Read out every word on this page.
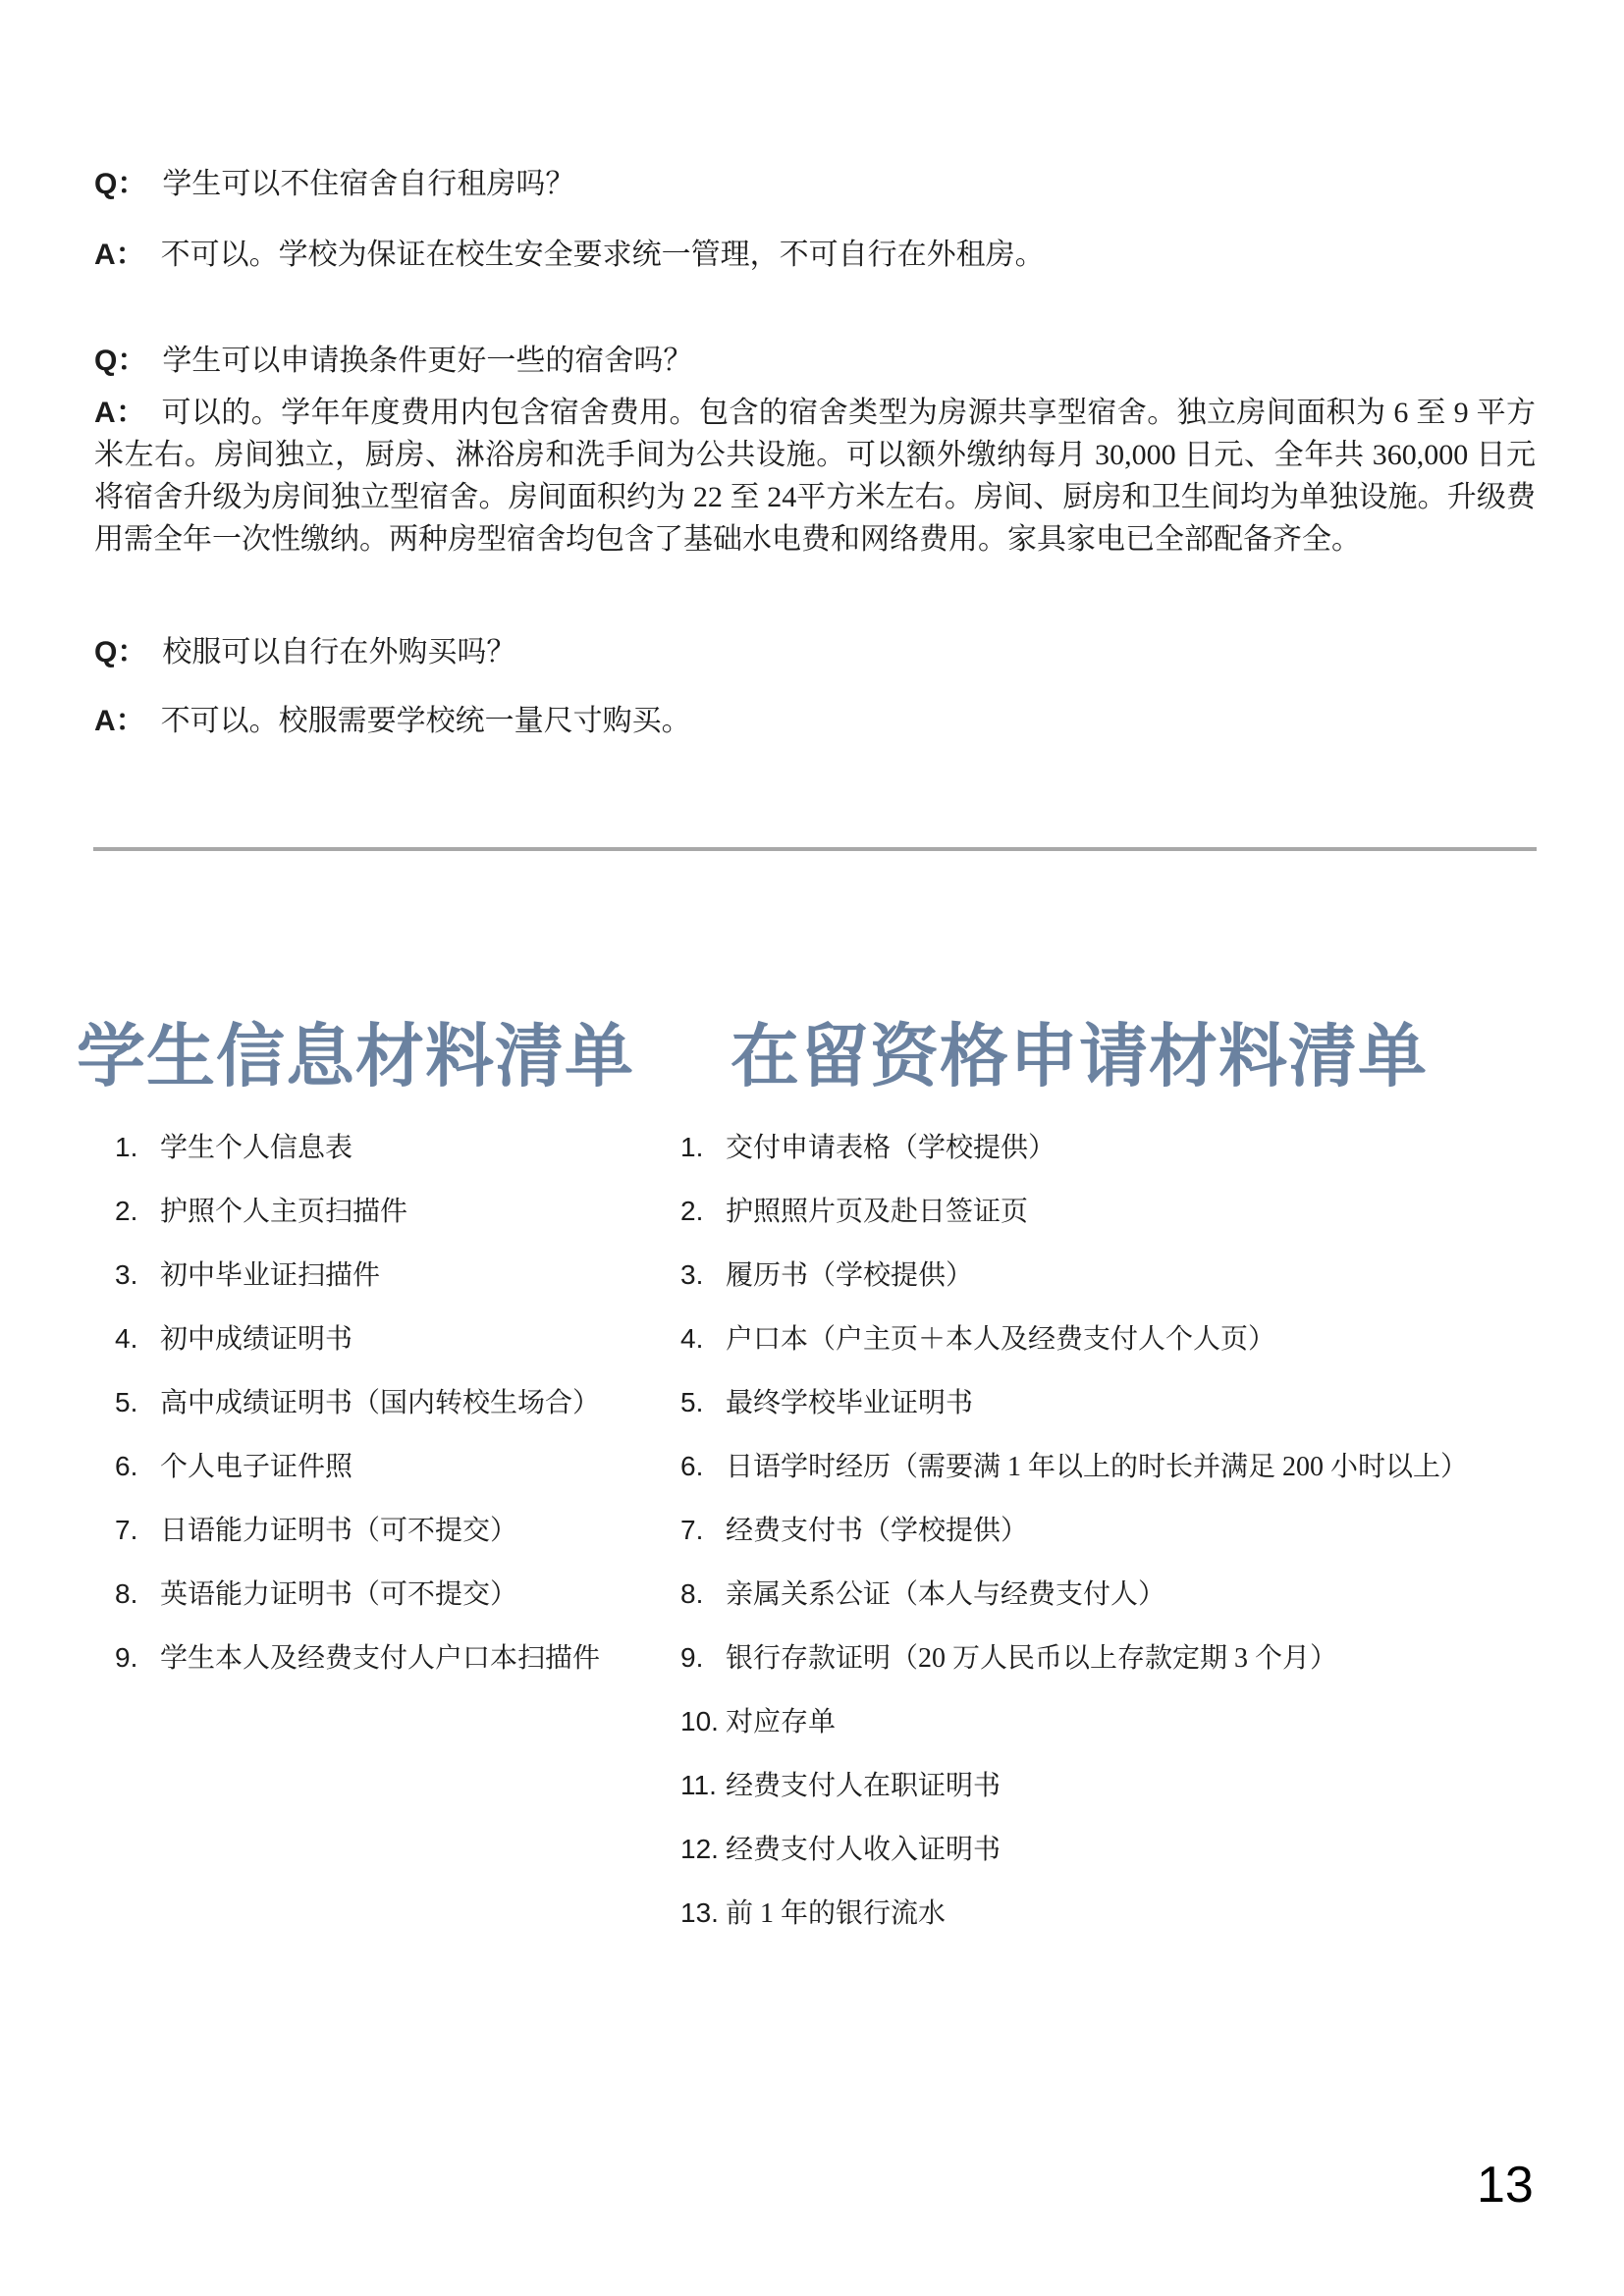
Q： 学生可以不住宿舍自行租房吗？
A： 不可以。学校为保证在校生安全要求统一管理，不可自行在外租房。
Q： 学生可以申请换条件更好一些的宿舍吗？
A： 可以的。学年年度费用内包含宿舍费用。包含的宿舍类型为房源共享型宿舍。独立房间面积为 6 至 9 平方米左右。房间独立，厨房、淋浴房和洗手间为公共设施。可以额外缴纳每月 30,000 日元、全年共 360,000 日元将宿舍升级为房间独立型宿舍。房间面积约为 22 至 24平方米左右。房间、厨房和卫生间均为单独设施。升级费用需全年一次性缴纳。两种房型宿舍均包含了基础水电费和网络费用。家具家电已全部配备齐全。
Q： 校服可以自行在外购买吗？
A： 不可以。校服需要学校统一量尺寸购买。
学生信息材料清单 在留资格申请材料清单
1. 学生个人信息表
2. 护照个人主页扫描件
3. 初中毕业证扫描件
4. 初中成绩证明书
5. 高中成绩证明书（国内转校生场合）
6. 个人电子证件照
7. 日语能力证明书（可不提交）
8. 英语能力证明书（可不提交）
9. 学生本人及经费支付人户口本扫描件
1. 交付申请表格（学校提供）
2. 护照照片页及赴日签证页
3. 履历书（学校提供）
4. 户口本（户主页＋本人及经费支付人个人页）
5. 最终学校毕业证明书
6. 日语学时经历（需要满 1 年以上的时长并满足 200 小时以上）
7. 经费支付书（学校提供）
8. 亲属关系公证（本人与经费支付人）
9. 银行存款证明（20 万人民币以上存款定期 3 个月）
10. 对应存单
11. 经费支付人在职证明书
12. 经费支付人收入证明书
13. 前 1 年的银行流水
13
